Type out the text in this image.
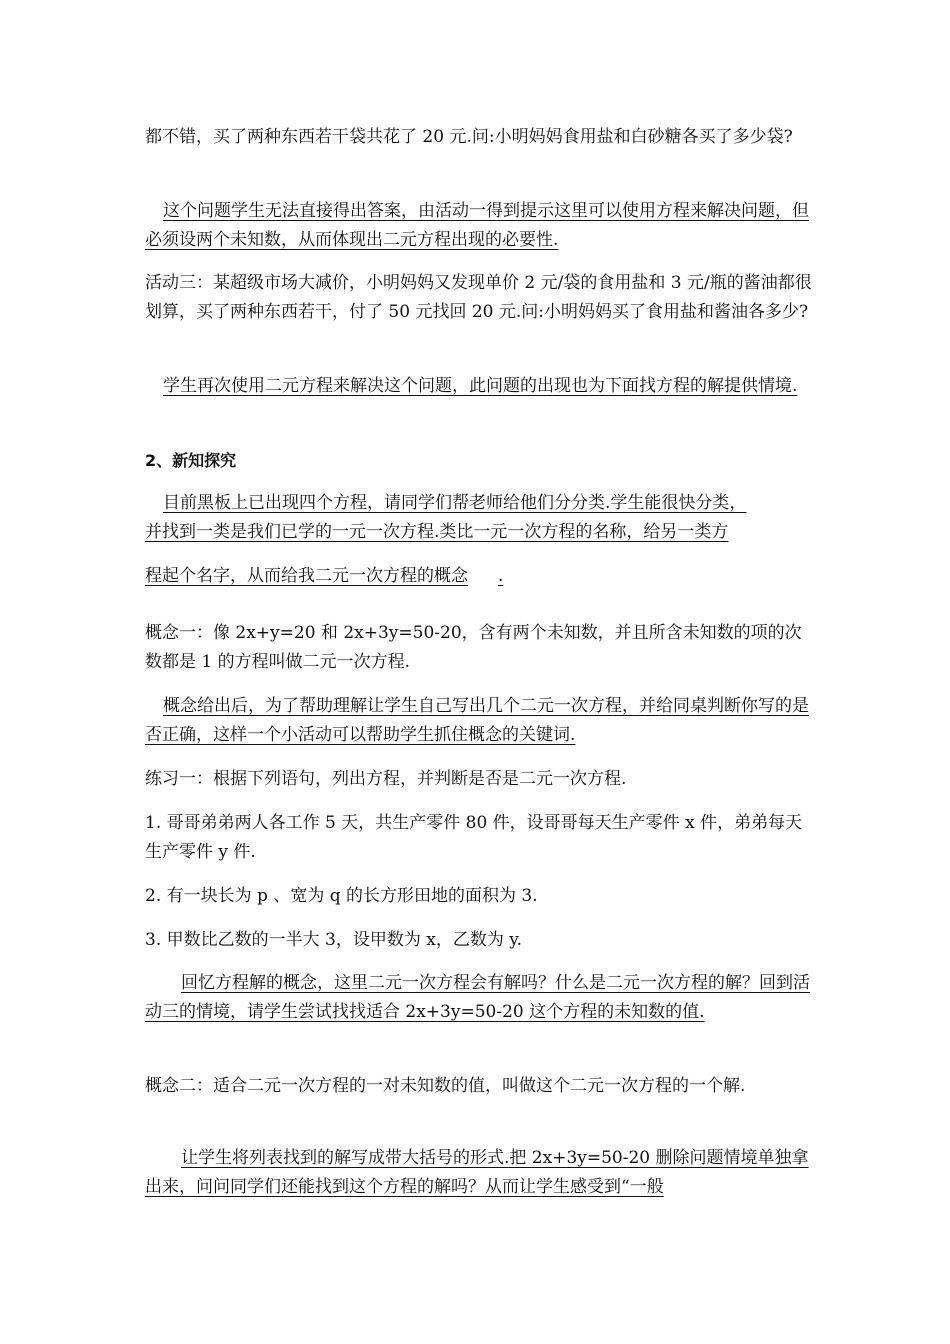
都不错，买了两种东西若干袋共花了 20 元.问:小明妈妈食用盐和白砂糖各买了多少袋?
这个问题学生无法直接得出答案，由活动一得到提示这里可以使用方程来解决问题，但必须设两个未知数，从而体现出二元方程出现的必要性.
活动三：某超级市场大减价，小明妈妈又发现单价 2 元/袋的食用盐和 3 元/瓶的酱油都很划算，买了两种东西若干，付了 50 元找回 20 元.问:小明妈妈买了食用盐和酱油各多少?
学生再次使用二元方程来解决这个问题，此问题的出现也为下面找方程的解提供情境.
2、新知探究
目前黑板上已出现四个方程，请同学们帮老师给他们分分类.学生能很快分类，
并找到一类是我们已学的一元一次方程.类比一元一次方程的名称，给另一类方
程起个名字，从而给我二元一次方程的概念 .
概念一：像 2x+y=20 和 2x+3y=50-20，含有两个未知数，并且所含未知数的项的次数都是 1 的方程叫做二元一次方程.
概念给出后，为了帮助理解让学生自己写出几个二元一次方程，并给同桌判断你写的是否正确，这样一个小活动可以帮助学生抓住概念的关键词.
练习一：根据下列语句，列出方程，并判断是否是二元一次方程.
1. 哥哥弟弟两人各工作 5 天，共生产零件 80 件，设哥哥每天生产零件 x 件，弟弟每天生产零件 y 件.
2. 有一块长为 p 、宽为 q 的长方形田地的面积为 3.
3. 甲数比乙数的一半大 3，设甲数为 x，乙数为 y.
回忆方程解的概念，这里二元一次方程会有解吗？什么是二元一次方程的解？回到活动三的情境，请学生尝试找找适合 2x+3y=50-20 这个方程的未知数的值.
概念二：适合二元一次方程的一对未知数的值，叫做这个二元一次方程的一个解.
让学生将列表找到的解写成带大括号的形式.把 2x+3y=50-20 删除问题情境单独拿出来，问问同学们还能找到这个方程的解吗？从而让学生感受到“一般
